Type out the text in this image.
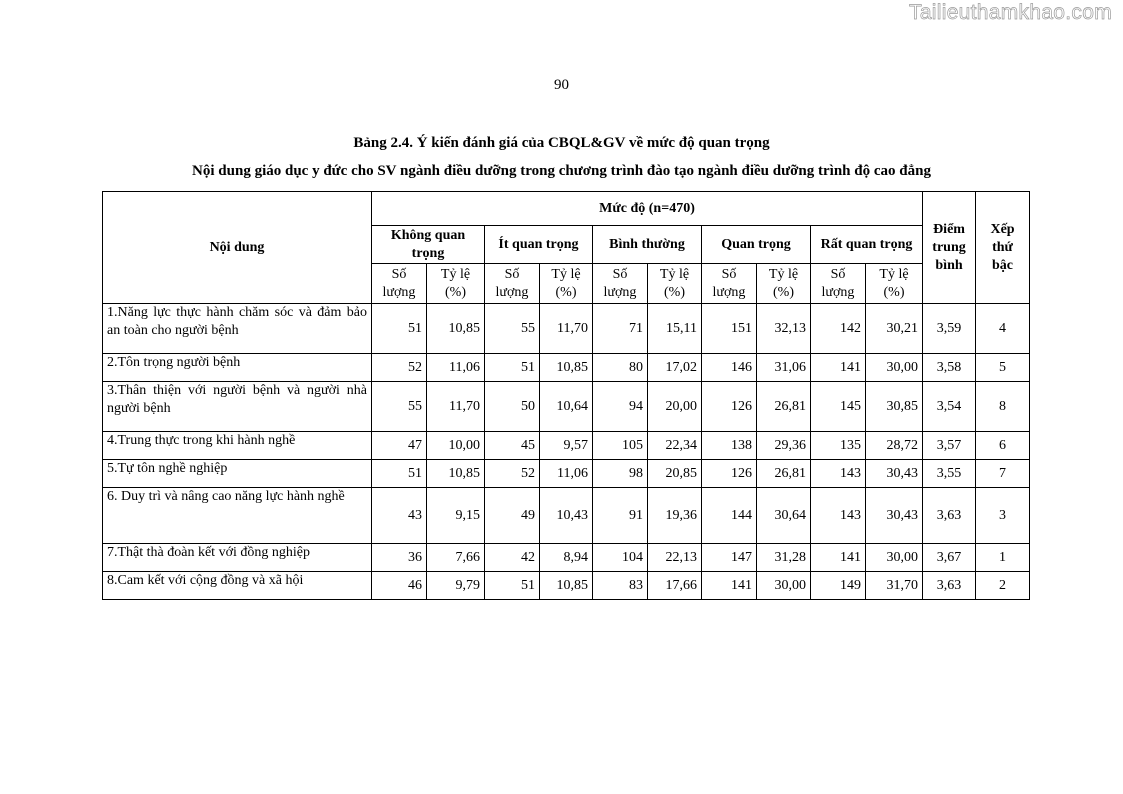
Tailieuthamkhao.com
90
Bảng 2.4. Ý kiến đánh giá của CBQL&GV về mức độ quan trọng
Nội dung giáo dục y đức cho SV ngành điều dưỡng trong chương trình đào tạo ngành điều dưỡng trình độ cao đẳng
Nội dung	Mức độ (n=470)										Điểm trung bình	Xếp thứ bậc
	Không quan trọng		Ít quan trọng		Bình thường		Quan trọng		Rất quan trọng			
	Số lượng	Tỷ lệ (%)	Số lượng	Tỷ lệ (%)	Số lượng	Tỷ lệ (%)	Số lượng	Tỷ lệ (%)	Số lượng	Tỷ lệ (%)		
1.Năng lực thực hành chăm sóc và đảm bảo an toàn cho người bệnh	51	10,85	55	11,70	71	15,11	151	32,13	142	30,21	3,59	4
2.Tôn trọng người bệnh	52	11,06	51	10,85	80	17,02	146	31,06	141	30,00	3,58	5
3.Thân thiện với người bệnh và người nhà người bệnh	55	11,70	50	10,64	94	20,00	126	26,81	145	30,85	3,54	8
4.Trung thực trong khi hành nghề	47	10,00	45	9,57	105	22,34	138	29,36	135	28,72	3,57	6
5.Tự tôn nghề nghiệp	51	10,85	52	11,06	98	20,85	126	26,81	143	30,43	3,55	7
6. Duy trì và nâng cao năng lực hành nghề	43	9,15	49	10,43	91	19,36	144	30,64	143	30,43	3,63	3
7.Thật thà đoàn kết với đồng nghiệp	36	7,66	42	8,94	104	22,13	147	31,28	141	30,00	3,67	1
8.Cam kết với cộng đồng và xã hội	46	9,79	51	10,85	83	17,66	141	30,00	149	31,70	3,63	2
